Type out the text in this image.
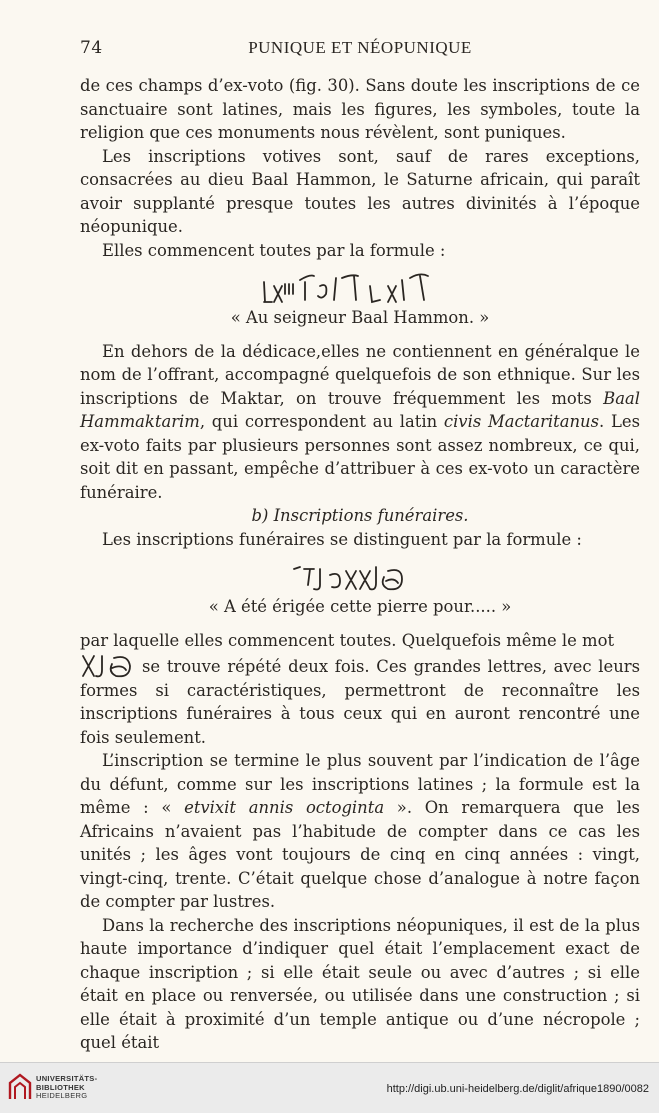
74	PUNIQUE ET NÉOPUNIQUE

de ces champs d’ex-voto (fig. 30). Sans doute les inscriptions de ce sanctuaire sont latines, mais les figures, les symboles, toute la religion que ces monuments nous révèlent, sont puniques.

Les inscriptions votives sont, sauf de rares exceptions, consacrées au dieu Baal Hammon, le Saturne africain, qui paraît avoir supplanté presque toutes les autres divinités à l’époque néopunique.

Elles commencent toutes par la formule :

« Au seigneur Baal Hammon. »

En dehors de la dédicace,elles ne contiennent en généralque le nom de l’offrant, accompagné quelquefois de son ethnique. Sur les inscriptions de Maktar, on trouve fréquemment les mots Baal Hammaktarim, qui correspondent au latin civis Mactaritanus. Les ex-voto faits par plusieurs personnes sont assez nombreux, ce qui, soit dit en passant, empêche d’attribuer à ces ex-voto un caractère funéraire.

b) Inscriptions funéraires.

Les inscriptions funéraires se distinguent par la formule :

« A été érigée cette pierre pour..... »

par laquelle elles commencent toutes. Quelquefois même le mot

se trouve répété deux fois. Ces grandes lettres, avec leurs formes si caractéristiques, permettront de reconnaître les inscriptions funéraires à tous ceux qui en auront rencontré une fois seulement.

L’inscription se termine le plus souvent par l’indication de l’âge du défunt, comme sur les inscriptions latines ; la formule est la même : « etvixit annis octoginta ». On remarquera que les Africains n’avaient pas l’habitude de compter dans ce cas les unités ; les âges vont toujours de cinq en cinq années : vingt, vingt-cinq, trente. C’était quelque chose d’analogue à notre façon de compter par lustres.

Dans la recherche des inscriptions néopuniques, il est de la plus haute importance d’indiquer quel était l’emplacement exact de chaque inscription ; si elle était seule ou avec d’autres ; si elle était en place ou renversée, ou utilisée dans une construction ; si elle était à proximité d’un temple antique ou d’une nécropole ; quel était

UNIVERSITÄTS-
BIBLIOTHEK
HEIDELBERG
http://digi.ub.uni-heidelberg.de/diglit/afrique1890/0082
